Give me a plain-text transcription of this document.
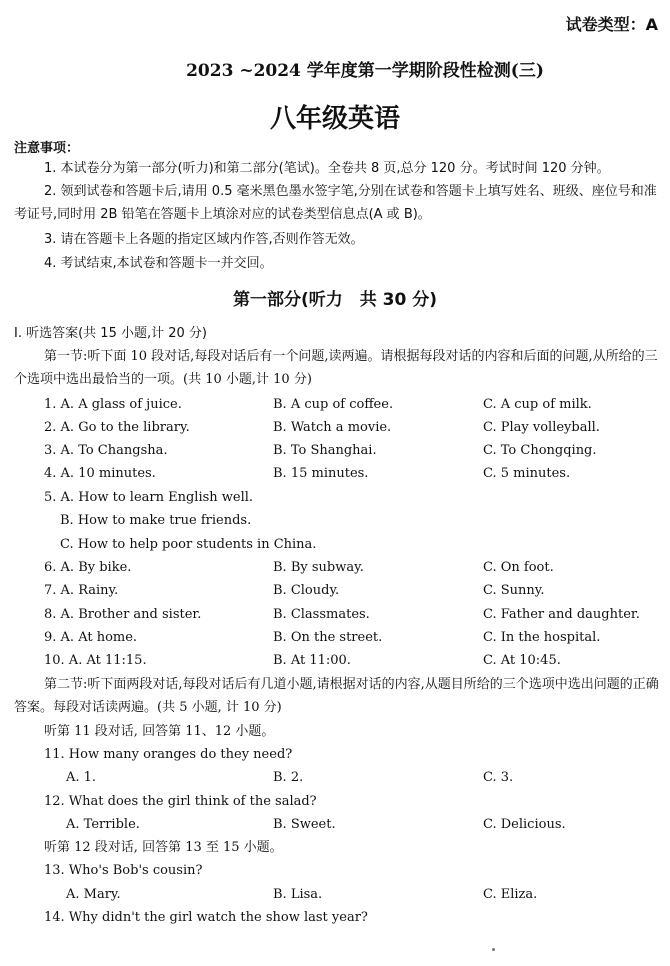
试卷类型：A
2023 ~2024 学年度第一学期阶段性检测(三)
八年级英语
注意事项：
1. 本试卷分为第一部分(听力)和第二部分(笔试)。全卷共 8 页,总分 120 分。考试时间 120 分钟。
2. 领到试卷和答题卡后,请用 0.5 毫米黑色墨水签字笔,分别在试卷和答题卡上填写姓名、班级、座位号和准考证号,同时用 2B 铅笔在答题卡上填涂对应的试卷类型信息点(A 或 B)。
3. 请在答题卡上各题的指定区域内作答,否则作答无效。
4. 考试结束,本试卷和答题卡一并交回。
第一部分(听力　共 30 分)
Ⅰ. 听选答案(共 15 小题,计 20 分)
第一节:听下面 10 段对话,每段对话后有一个问题,读两遍。请根据每段对话的内容和后面的问题,从所给的三个选项中选出最恰当的一项。(共 10 小题,计 10 分)
1. A. A glass of juice.	B. A cup of coffee.	C. A cup of milk.
2. A. Go to the library.	B. Watch a movie.	C. Play volleyball.
3. A. To Changsha.	B. To Shanghai.	C. To Chongqing.
4. A. 10 minutes.	B. 15 minutes.	C. 5 minutes.
5. A. How to learn English well.
B. How to make true friends.
C. How to help poor students in China.
6. A. By bike.	B. By subway.	C. On foot.
7. A. Rainy.	B. Cloudy.	C. Sunny.
8. A. Brother and sister.	B. Classmates.	C. Father and daughter.
9. A. At home.	B. On the street.	C. In the hospital.
10. A. At 11:15.	B. At 11:00.	C. At 10:45.
第二节:听下面两段对话,每段对话后有几道小题,请根据对话的内容,从题目所给的三个选项中选出问题的正确答案。每段对话读两遍。(共 5 小题, 计 10 分)
听第 11 段对话, 回答第 11、12 小题。
11. How many oranges do they need?
A. 1.	B. 2.	C. 3.
12. What does the girl think of the salad?
A. Terrible.	B. Sweet.	C. Delicious.
听第 12 段对话, 回答第 13 至 15 小题。
13. Who's Bob's cousin?
A. Mary.	B. Lisa.	C. Eliza.
14. Why didn't the girl watch the show last year?
